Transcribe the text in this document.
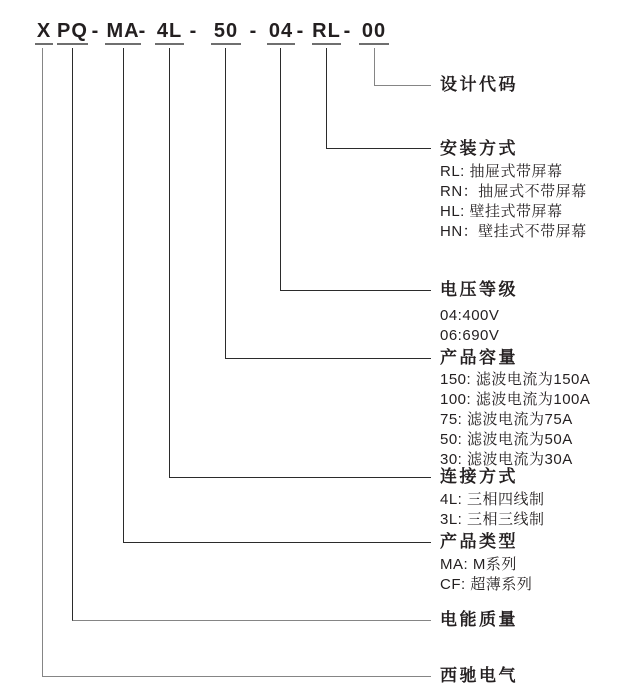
X PQ - MA - 4L - 50 - 04 - RL - 00
设计代码
安装方式
电压等级
产品容量
连接方式
产品类型
电能质量
西驰电气
RL: 抽屉式带屏幕
RN：抽屉式不带屏幕
HL: 壁挂式带屏幕
HN：壁挂式不带屏幕
04:400V
06:690V
150: 滤波电流为150A
100: 滤波电流为100A
75: 滤波电流为75A
50: 滤波电流为50A
30: 滤波电流为30A
4L: 三相四线制
3L: 三相三线制
MA: M系列
CF: 超薄系列
